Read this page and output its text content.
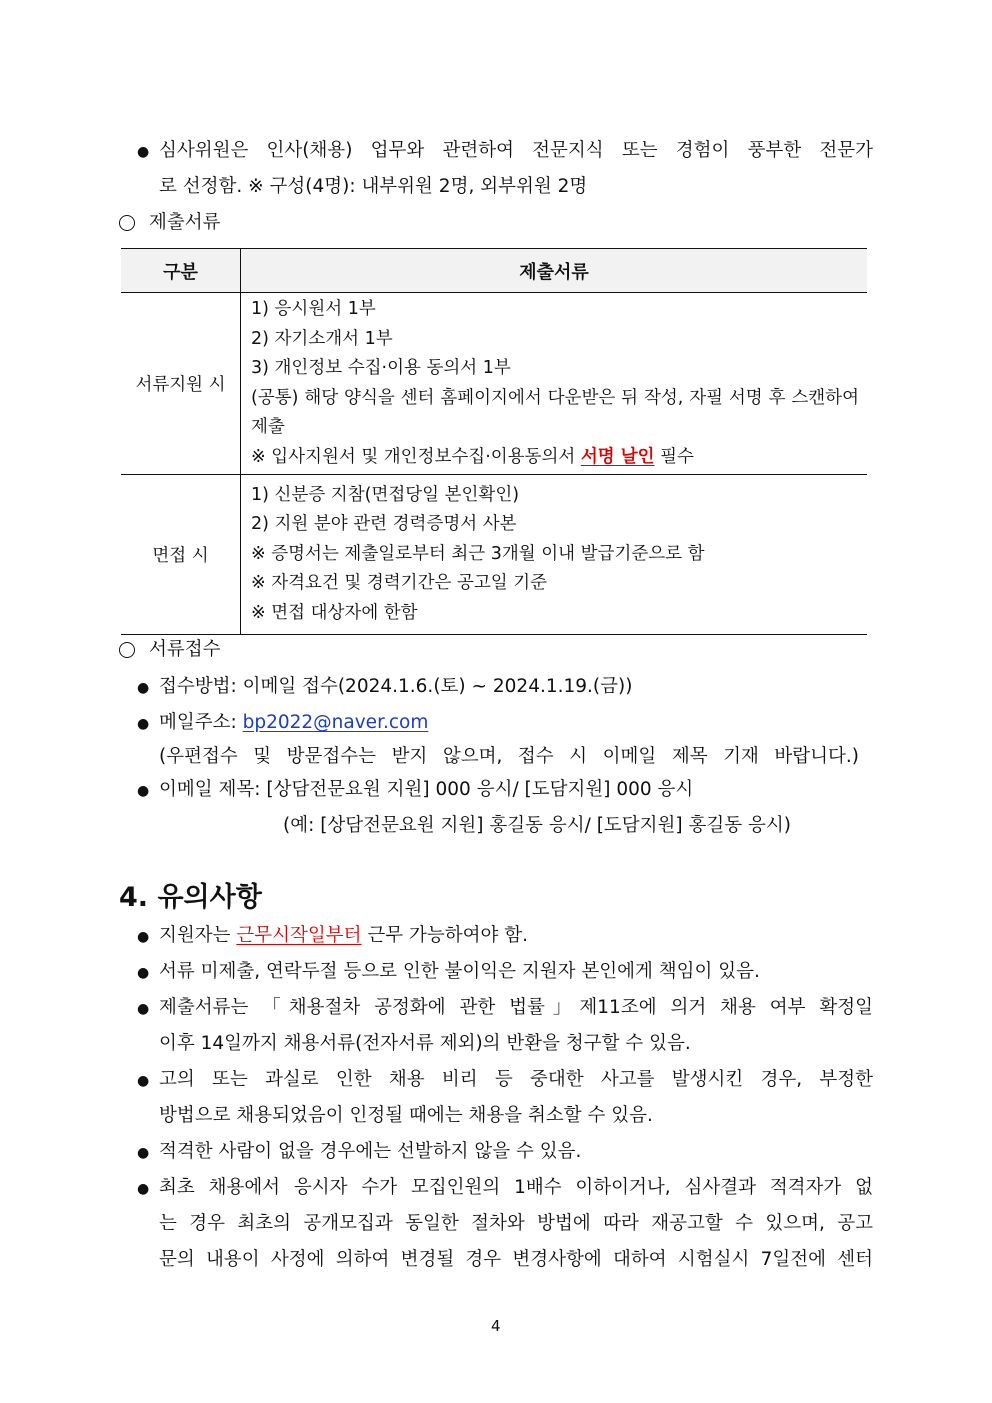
● 심사위원은 인사(채용) 업무와 관련하여 전문지식 또는 경험이 풍부한 전문가
로 선정함. ※ 구성(4명): 내부위원 2명, 외부위원 2명
제출서류
구분	제출서류
서류지원 시	1) 응시원서 1부
2) 자기소개서 1부
3) 개인정보 수집·이용 동의서 1부
(공통) 해당 양식을 센터 홈페이지에서 다운받은 뒤 작성, 자필 서명 후 스캔하여 제출
※ 입사지원서 및 개인정보수집·이용동의서 서명 날인 필수

면접 시	1) 신분증 지참(면접당일 본인확인)
2) 지원 분야 관련 경력증명서 사본
※ 증명서는 제출일로부터 최근 3개월 이내 발급기준으로 함
※ 자격요건 및 경력기간은 공고일 기준
※ 면접 대상자에 한함
서류접수
● 접수방법: 이메일 접수(2024.1.6.(토) ~ 2024.1.19.(금))
● 메일주소: bp2022@naver.com
(우편접수 및 방문접수는 받지 않으며, 접수 시 이메일 제목 기재 바랍니다.)
● 이메일 제목: [상담전문요원 지원] 000 응시/ [도담지원] 000 응시
(예: [상담전문요원 지원] 홍길동 응시/ [도담지원] 홍길동 응시)
4. 유의사항
● 지원자는 근무시작일부터 근무 가능하여야 함.
● 서류 미제출, 연락두절 등으로 인한 불이익은 지원자 본인에게 책임이 있음.
● 제출서류는 「채용절차 공정화에 관한 법률」제11조에 의거 채용 여부 확정일
이후 14일까지 채용서류(전자서류 제외)의 반환을 청구할 수 있음.
● 고의 또는 과실로 인한 채용 비리 등 중대한 사고를 발생시킨 경우, 부정한
방법으로 채용되었음이 인정될 때에는 채용을 취소할 수 있음.
● 적격한 사람이 없을 경우에는 선발하지 않을 수 있음.
● 최초 채용에서 응시자 수가 모집인원의 1배수 이하이거나, 심사결과 적격자가 없
는 경우 최초의 공개모집과 동일한 절차와 방법에 따라 재공고할 수 있으며, 공고
문의 내용이 사정에 의하여 변경될 경우 변경사항에 대하여 시험실시 7일전에 센터
4
